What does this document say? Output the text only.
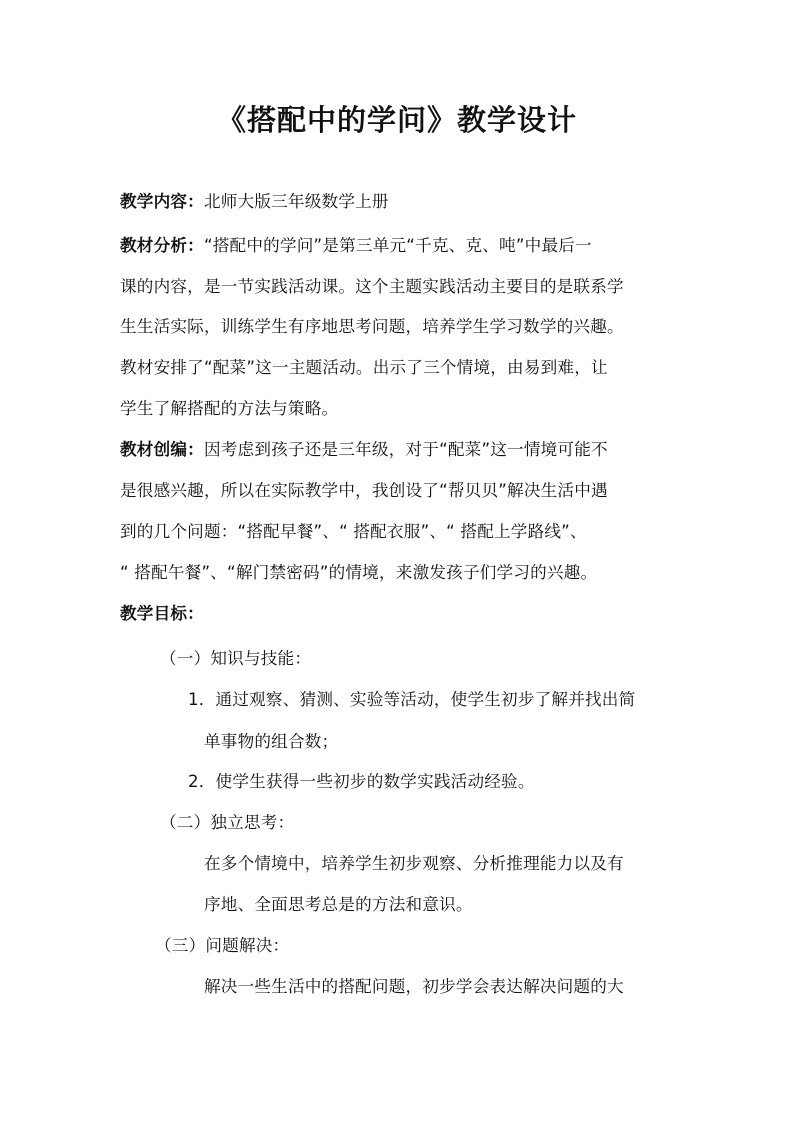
《搭配中的学问》教学设计
教学内容：北师大版三年级数学上册
教材分析：“搭配中的学问”是第三单元“千克、克、吨”中最后一
课的内容，是一节实践活动课。这个主题实践活动主要目的是联系学
生生活实际，训练学生有序地思考问题，培养学生学习数学的兴趣。
教材安排了“配菜”这一主题活动。出示了三个情境，由易到难，让
学生了解搭配的方法与策略。
教材创编：因考虑到孩子还是三年级，对于“配菜”这一情境可能不
是很感兴趣，所以在实际教学中，我创设了“帮贝贝”解决生活中遇
到的几个问题：“搭配早餐”、“ 搭配衣服”、“ 搭配上学路线”、
“ 搭配午餐”、“解门禁密码”的情境，来激发孩子们学习的兴趣。
教学目标：
（一）知识与技能：
1．通过观察、猜测、实验等活动，使学生初步了解并找出简
单事物的组合数；
2．使学生获得一些初步的数学实践活动经验。
（二）独立思考：
在多个情境中，培养学生初步观察、分析推理能力以及有
序地、全面思考总是的方法和意识。
（三）问题解决：
解决一些生活中的搭配问题，初步学会表达解决问题的大
